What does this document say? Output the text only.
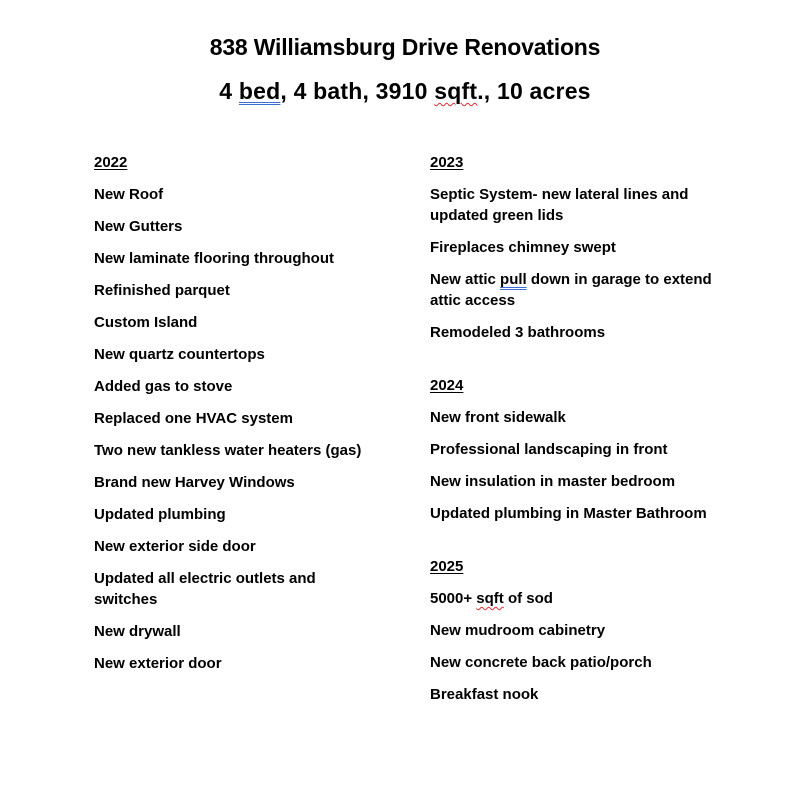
838 Williamsburg Drive Renovations
4 bed, 4 bath, 3910 sqft., 10 acres
2022
New Roof
New Gutters
New laminate flooring throughout
Refinished parquet
Custom Island
New quartz countertops
Added gas to stove
Replaced one HVAC system
Two new tankless water heaters (gas)
Brand new Harvey Windows
Updated plumbing
New exterior side door
Updated all electric outlets and switches
New drywall
New exterior door
2023
Septic System- new lateral lines and updated green lids
Fireplaces chimney swept
New attic pull down in garage to extend attic access
Remodeled 3 bathrooms
2024
New front sidewalk
Professional landscaping in front
New insulation in master bedroom
Updated plumbing in Master Bathroom
2025
5000+ sqft of sod
New mudroom cabinetry
New concrete back patio/porch
Breakfast nook
